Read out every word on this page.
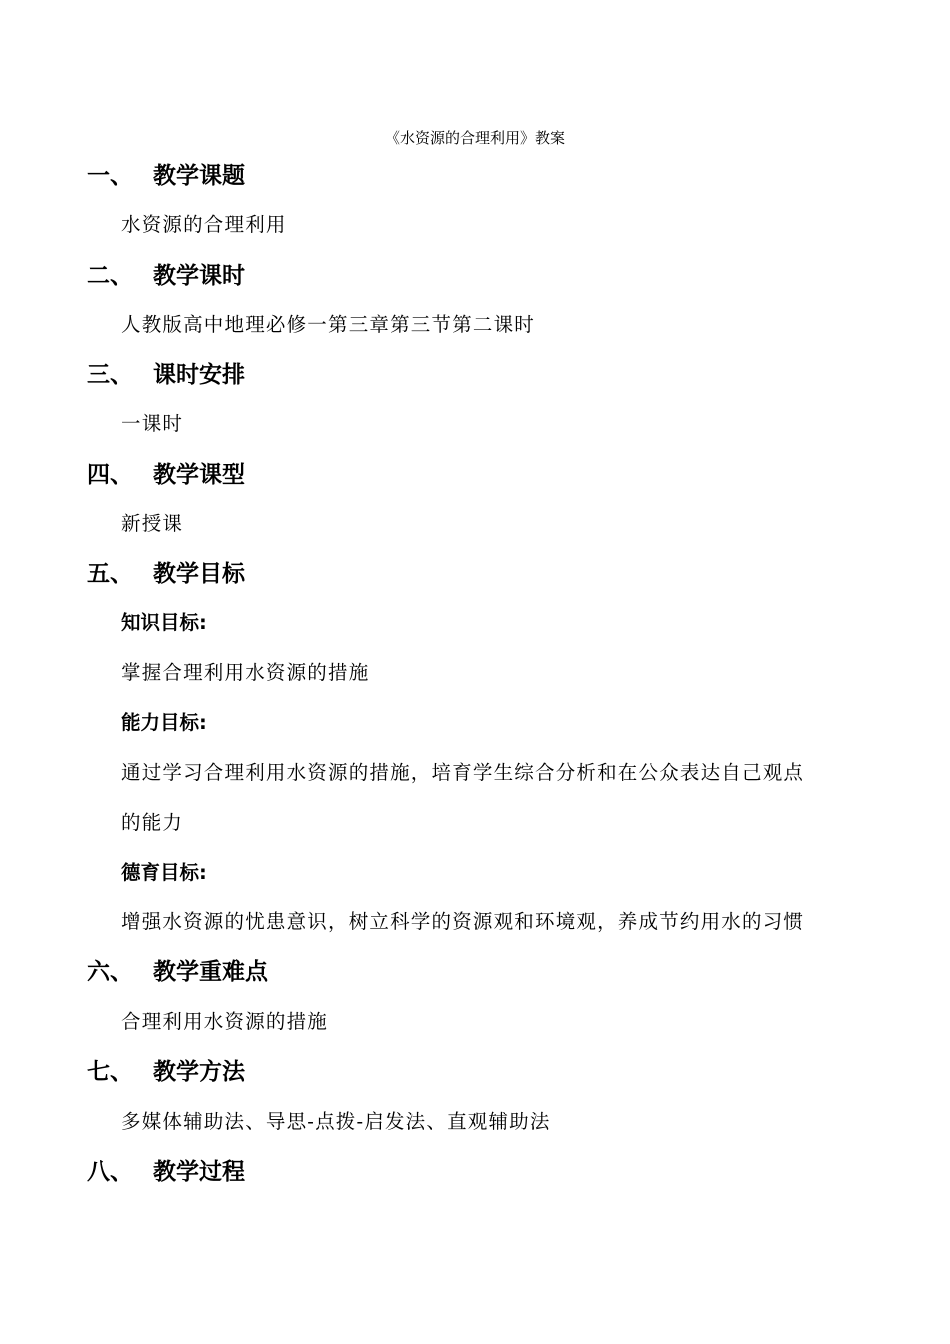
《水资源的合理利用》教案
一、 教学课题
水资源的合理利用
二、 教学课时
人教版高中地理必修一第三章第三节第二课时
三、 课时安排
一课时
四、 教学课型
新授课
五、 教学目标
知识目标:
掌握合理利用水资源的措施
能力目标:
通过学习合理利用水资源的措施，培育学生综合分析和在公众表达自己观点
的能力
德育目标:
增强水资源的忧患意识，树立科学的资源观和环境观，养成节约用水的习惯
六、 教学重难点
合理利用水资源的措施
七、 教学方法
多媒体辅助法、导思-点拨-启发法、直观辅助法
八、 教学过程
